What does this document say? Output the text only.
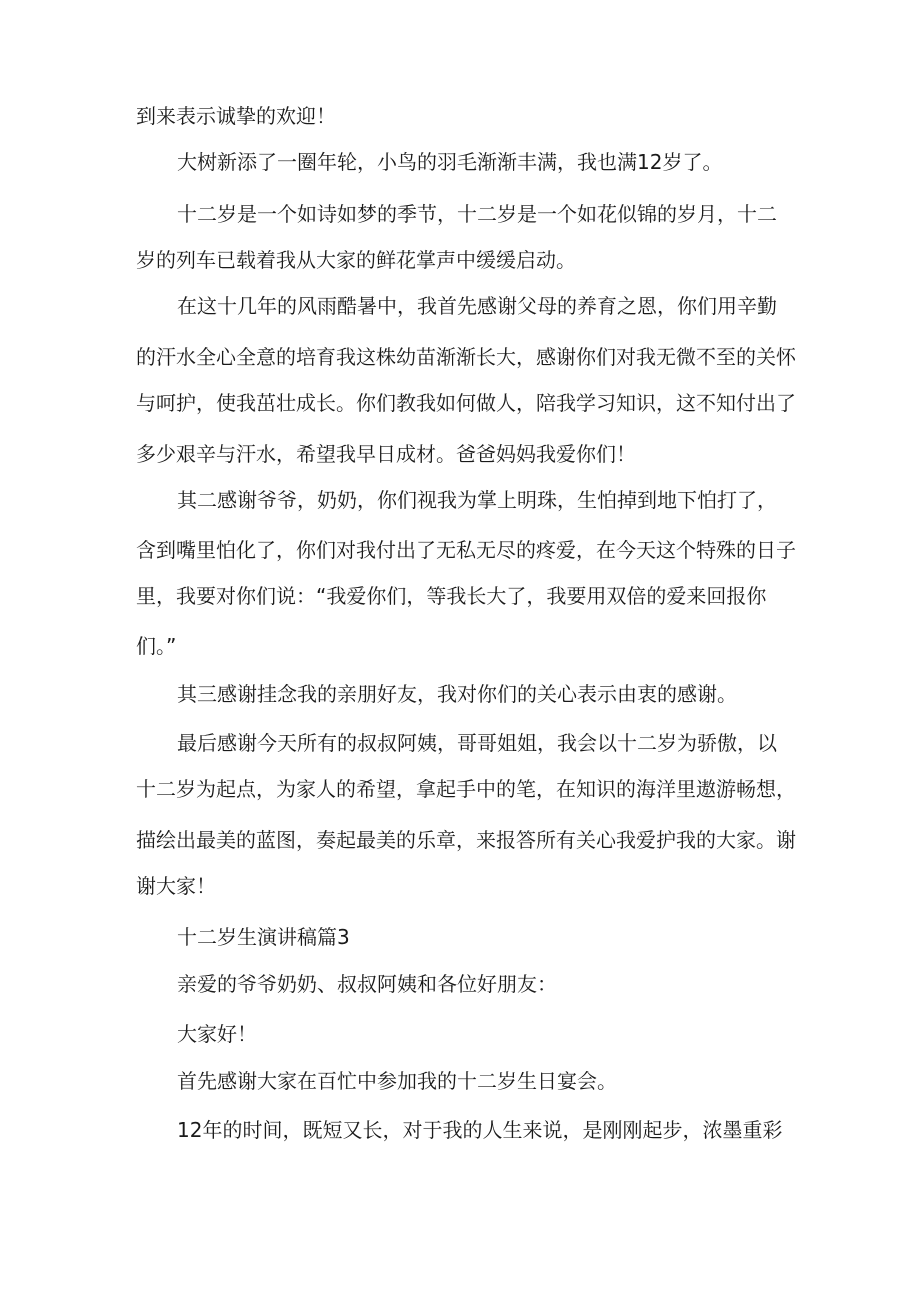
到来表示诚挚的欢迎！
大树新添了一圈年轮，小鸟的羽毛渐渐丰满，我也满12岁了。
十二岁是一个如诗如梦的季节，十二岁是一个如花似锦的岁月，十二
岁的列车已载着我从大家的鲜花掌声中缓缓启动。
在这十几年的风雨酷暑中，我首先感谢父母的养育之恩，你们用辛勤
的汗水全心全意的培育我这株幼苗渐渐长大，感谢你们对我无微不至的关怀
与呵护，使我茁壮成长。你们教我如何做人，陪我学习知识，这不知付出了
多少艰辛与汗水，希望我早日成材。爸爸妈妈我爱你们！
其二感谢爷爷，奶奶，你们视我为掌上明珠，生怕掉到地下怕打了，
含到嘴里怕化了，你们对我付出了无私无尽的疼爱，在今天这个特殊的日子
里，我要对你们说：“我爱你们，等我长大了，我要用双倍的爱来回报你
们。”
其三感谢挂念我的亲朋好友，我对你们的关心表示由衷的感谢。
最后感谢今天所有的叔叔阿姨，哥哥姐姐，我会以十二岁为骄傲，以
十二岁为起点，为家人的希望，拿起手中的笔，在知识的海洋里遨游畅想，
描绘出最美的蓝图，奏起最美的乐章，来报答所有关心我爱护我的大家。谢
谢大家！
十二岁生演讲稿篇3
亲爱的爷爷奶奶、叔叔阿姨和各位好朋友：
大家好！
首先感谢大家在百忙中参加我的十二岁生日宴会。
12年的时间，既短又长，对于我的人生来说，是刚刚起步，浓墨重彩
